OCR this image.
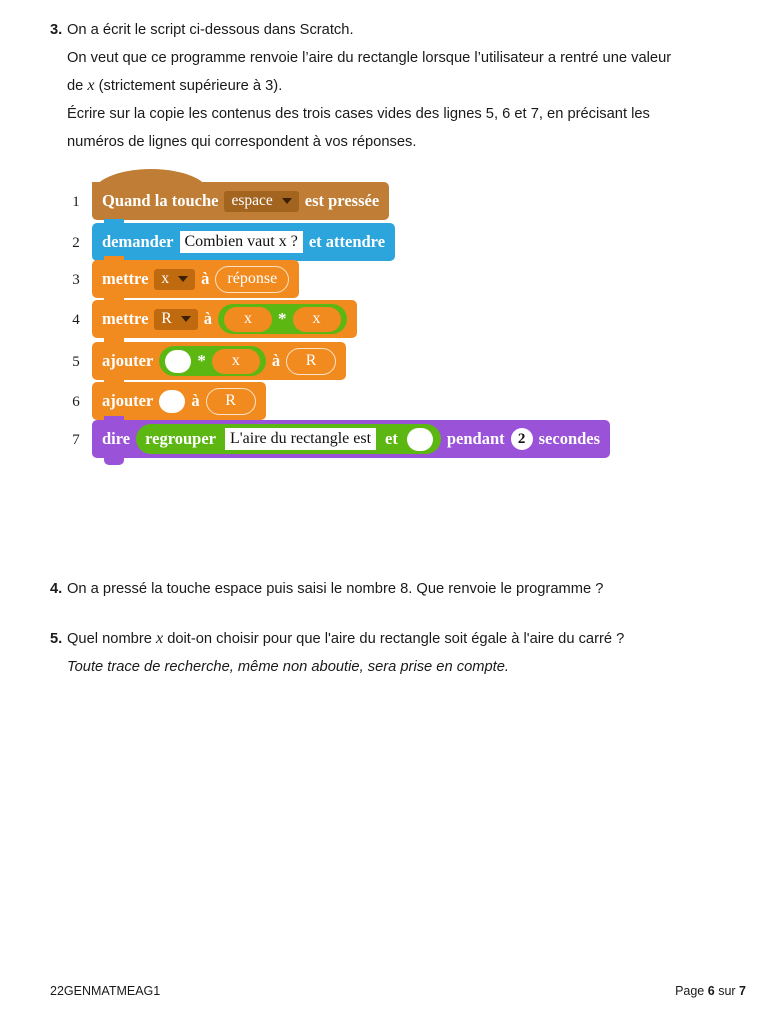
3. On a écrit le script ci-dessous dans Scratch.
On veut que ce programme renvoie l’aire du rectangle lorsque l’utilisateur a rentré une valeur
de x (strictement supérieure à 3).
Écrire sur la copie les contenus des trois cases vides des lignes 5, 6 et 7, en précisant les
numéros de lignes qui correspondent à vos réponses.
1	Quand la touche espace est pressée
2	demander Combien vaut x ? et attendre
3	mettre x à	réponse
4	mettre R à	x	*	x
5	ajouter	*	x	à	R
6	ajouter à	R
7	dire regrouper L'aire du rectangle est et	pendant 2 secondes
4. On a pressé la touche espace puis saisi le nombre 8. Que renvoie le programme ?
5. Quel nombre x doit-on choisir pour que l'aire du rectangle soit égale à l'aire du carré ?
Toute trace de recherche, même non aboutie, sera prise en compte.
22GENMATMEAG1	Page 6 sur 7
